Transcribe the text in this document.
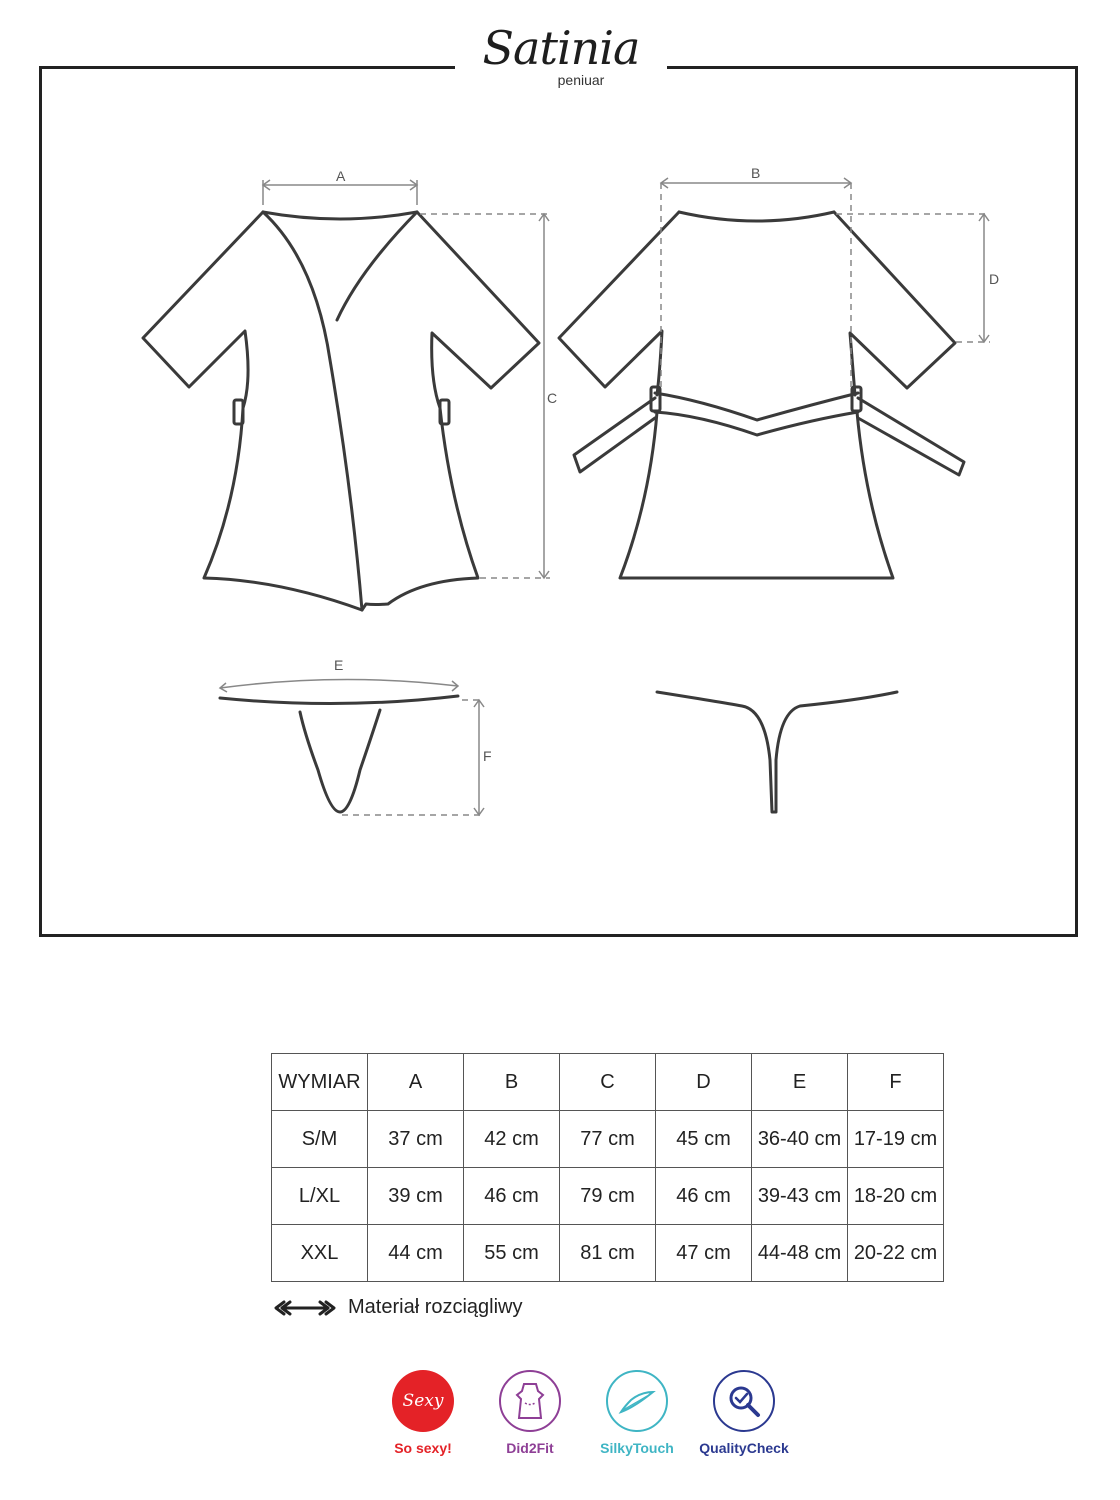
Satinia
peniuar
A	B
C
D
E
F
WYMIAR	A	B	C	D	E	F
S/M	37 cm	42 cm	77 cm	45 cm	36-40 cm	17-19 cm
L/XL	39 cm	46 cm	79 cm	46 cm	39-43 cm	18-20 cm
XXL	44 cm	55 cm	81 cm	47 cm	44-48 cm	20-22 cm
Materiał rozciągliwy
Sexy
So sexy!	Did2Fit	SilkyTouch	QualityCheck
